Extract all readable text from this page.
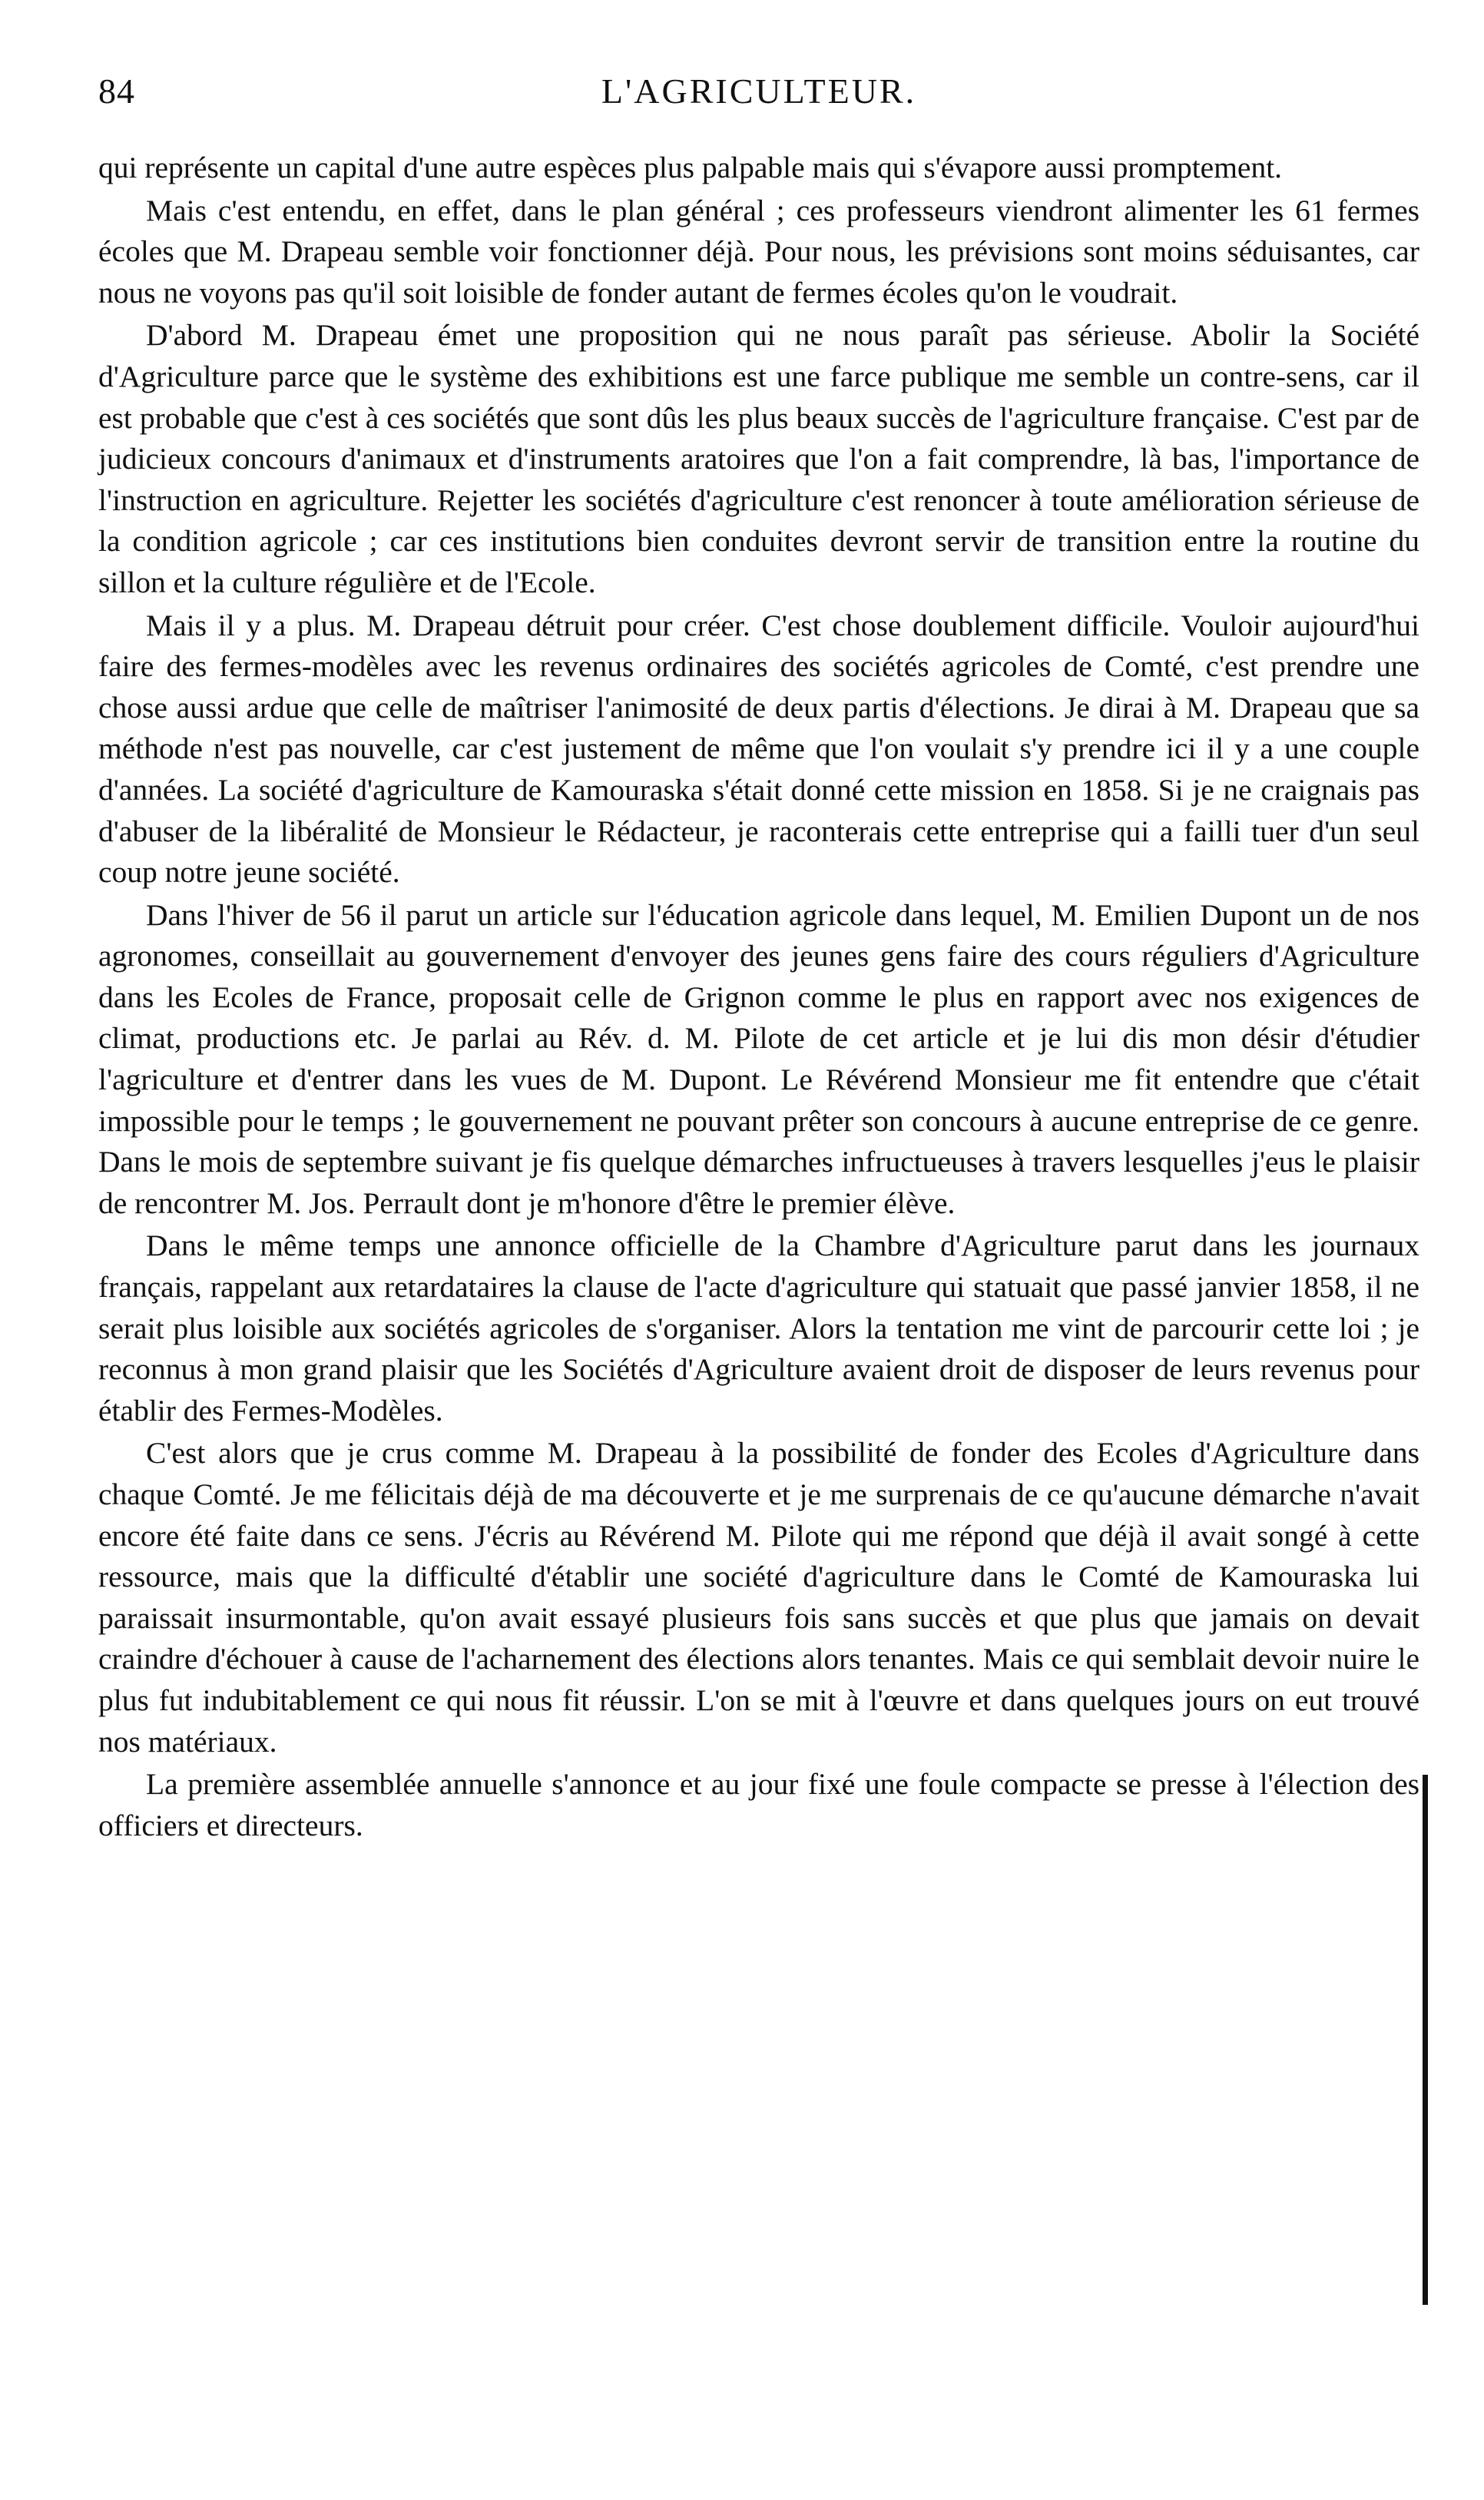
84	L'AGRICULTEUR.

qui représente un capital d'une autre espèces plus palpable mais qui s'évapore aussi promptement.

Mais c'est entendu, en effet, dans le plan général ; ces professeurs viendront alimenter les 61 fermes écoles que M. Drapeau semble voir fonctionner déjà. Pour nous, les prévisions sont moins séduisantes, car nous ne voyons pas qu'il soit loisible de fonder autant de fermes écoles qu'on le voudrait.

D'abord M. Drapeau émet une proposition qui ne nous paraît pas sérieuse. Abolir la Société d'Agriculture parce que le système des exhibitions est une farce publique me semble un contre-sens, car il est probable que c'est à ces sociétés que sont dûs les plus beaux succès de l'agriculture française. C'est par de judicieux concours d'animaux et d'instruments aratoires que l'on a fait comprendre, là bas, l'importance de l'instruction en agriculture. Rejetter les sociétés d'agriculture c'est renoncer à toute amélioration sérieuse de la condition agricole ; car ces institutions bien conduites devront servir de transition entre la routine du sillon et la culture régulière et de l'Ecole.

Mais il y a plus. M. Drapeau détruit pour créer. C'est chose doublement difficile. Vouloir aujourd'hui faire des fermes-modèles avec les revenus ordinaires des sociétés agricoles de Comté, c'est prendre une chose aussi ardue que celle de maîtriser l'animosité de deux partis d'élections. Je dirai à M. Drapeau que sa méthode n'est pas nouvelle, car c'est justement de même que l'on voulait s'y prendre ici il y a une couple d'années. La société d'agriculture de Kamouraska s'était donné cette mission en 1858. Si je ne craignais pas d'abuser de la libéralité de Monsieur le Rédacteur, je raconterais cette entreprise qui a failli tuer d'un seul coup notre jeune société.

Dans l'hiver de 56 il parut un article sur l'éducation agricole dans lequel, M. Emilien Dupont un de nos agronomes, conseillait au gouvernement d'envoyer des jeunes gens faire des cours réguliers d'Agriculture dans les Ecoles de France, proposait celle de Grignon comme le plus en rapport avec nos exigences de climat, productions etc. Je parlai au Rév. d. M. Pilote de cet article et je lui dis mon désir d'étudier l'agriculture et d'entrer dans les vues de M. Dupont. Le Révérend Monsieur me fit entendre que c'était impossible pour le temps ; le gouvernement ne pouvant prêter son concours à aucune entreprise de ce genre. Dans le mois de septembre suivant je fis quelque démarches infructueuses à travers lesquelles j'eus le plaisir de rencontrer M. Jos. Perrault dont je m'honore d'être le premier élève.

Dans le même temps une annonce officielle de la Chambre d'Agriculture parut dans les journaux français, rappelant aux retardataires la clause de l'acte d'agriculture qui statuait que passé janvier 1858, il ne serait plus loisible aux sociétés agricoles de s'organiser. Alors la tentation me vint de parcourir cette loi ; je reconnus à mon grand plaisir que les Sociétés d'Agriculture avaient droit de disposer de leurs revenus pour établir des Fermes-Modèles.

C'est alors que je crus comme M. Drapeau à la possibilité de fonder des Ecoles d'Agriculture dans chaque Comté. Je me félicitais déjà de ma découverte et je me surprenais de ce qu'aucune démarche n'avait encore été faite dans ce sens. J'écris au Révérend M. Pilote qui me répond que déjà il avait songé à cette ressource, mais que la difficulté d'établir une société d'agriculture dans le Comté de Kamouraska lui paraissait insurmontable, qu'on avait essayé plusieurs fois sans succès et que plus que jamais on devait craindre d'échouer à cause de l'acharnement des élections alors tenantes. Mais ce qui semblait devoir nuire le plus fut indubitablement ce qui nous fit réussir. L'on se mit à l'œuvre et dans quelques jours on eut trouvé nos matériaux.

La première assemblée annuelle s'annonce et au jour fixé une foule compacte se presse à l'élection des officiers et directeurs.
